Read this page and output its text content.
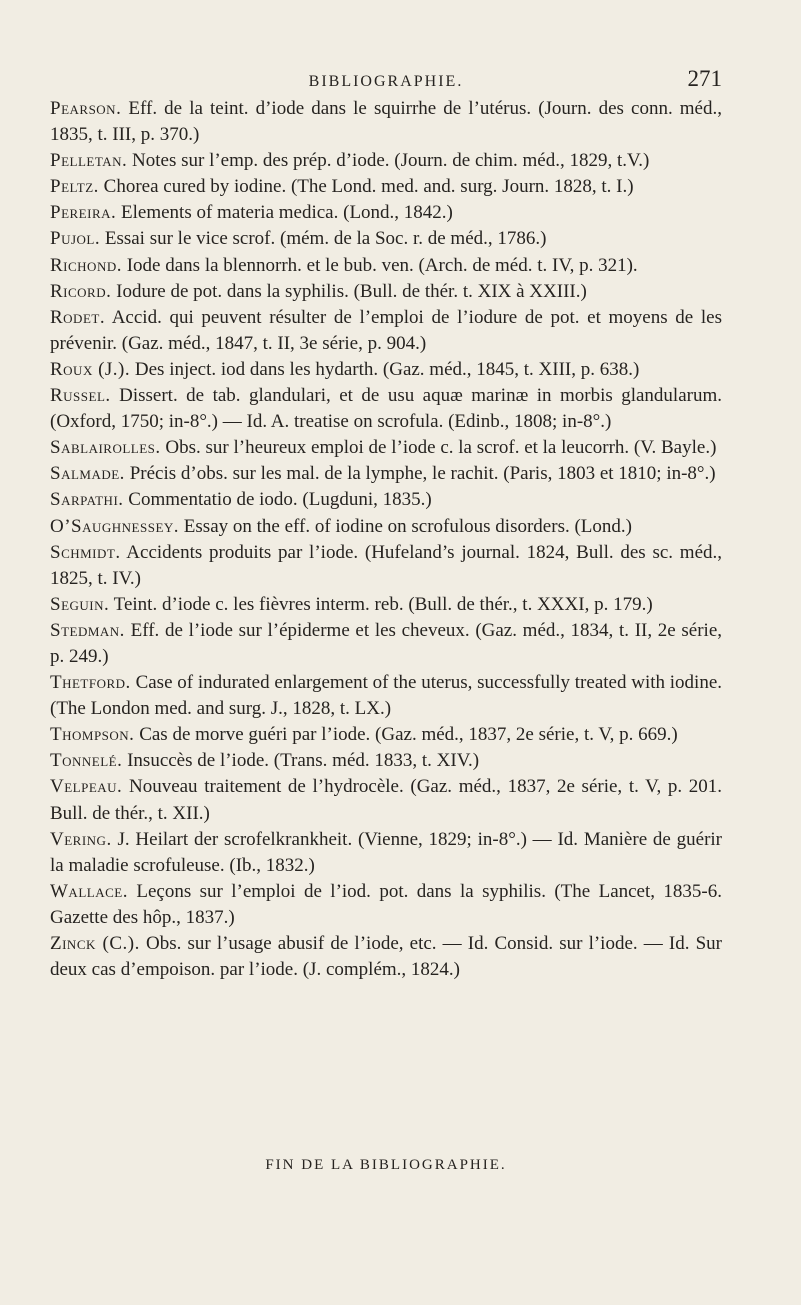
BIBLIOGRAPHIE.	271

Pearson. Eff. de la teint. d’iode dans le squirrhe de l’utérus. (Journ. des conn. méd., 1835, t. III, p. 370.)

Pelletan. Notes sur l’emp. des prép. d’iode. (Journ. de chim. méd., 1829, t.V.)

Peltz. Chorea cured by iodine. (The Lond. med. and. surg. Journ. 1828, t. I.)

Pereira. Elements of materia medica. (Lond., 1842.)

Pujol. Essai sur le vice scrof. (mém. de la Soc. r. de méd., 1786.)

Richond. Iode dans la blennorrh. et le bub. ven. (Arch. de méd. t. IV, p. 321).

Ricord. Iodure de pot. dans la syphilis. (Bull. de thér. t. XIX à XXIII.)

Rodet. Accid. qui peuvent résulter de l’emploi de l’iodure de pot. et moyens de les prévenir. (Gaz. méd., 1847, t. II, 3e série, p. 904.)

Roux (J.). Des inject. iod dans les hydarth. (Gaz. méd., 1845, t. XIII, p. 638.)

Russel. Dissert. de tab. glandulari, et de usu aquæ marinæ in morbis glandularum. (Oxford, 1750; in-8°.) — Id. A. treatise on scrofula. (Edinb., 1808; in-8°.)

Sablairolles. Obs. sur l’heureux emploi de l’iode c. la scrof. et la leucorrh. (V. Bayle.)

Salmade. Précis d’obs. sur les mal. de la lymphe, le rachit. (Paris, 1803 et 1810; in-8°.)

Sarpathi. Commentatio de iodo. (Lugduni, 1835.)

O’Saughnessey. Essay on the eff. of iodine on scrofulous disorders. (Lond.)

Schmidt. Accidents produits par l’iode. (Hufeland’s journal. 1824, Bull. des sc. méd., 1825, t. IV.)

Seguin. Teint. d’iode c. les fièvres interm. reb. (Bull. de thér., t. XXXI, p. 179.)

Stedman. Eff. de l’iode sur l’épiderme et les cheveux. (Gaz. méd., 1834, t. II, 2e série, p. 249.)

Thetford. Case of indurated enlargement of the uterus, successfully treated with iodine. (The London med. and surg. J., 1828, t. LX.)

Thompson. Cas de morve guéri par l’iode. (Gaz. méd., 1837, 2e série, t. V, p. 669.)

Tonnelé. Insuccès de l’iode. (Trans. méd. 1833, t. XIV.)

Velpeau. Nouveau traitement de l’hydrocèle. (Gaz. méd., 1837, 2e série, t. V, p. 201. Bull. de thér., t. XII.)

Vering. J. Heilart der scrofelkrankheit. (Vienne, 1829; in-8°.) — Id. Manière de guérir la maladie scrofuleuse. (Ib., 1832.)

Wallace. Leçons sur l’emploi de l’iod. pot. dans la syphilis. (The Lancet, 1835-6. Gazette des hôp., 1837.)

Zinck (C.). Obs. sur l’usage abusif de l’iode, etc. — Id. Consid. sur l’iode. — Id. Sur deux cas d’empoison. par l’iode. (J. complém., 1824.)

FIN DE LA BIBLIOGRAPHIE.
